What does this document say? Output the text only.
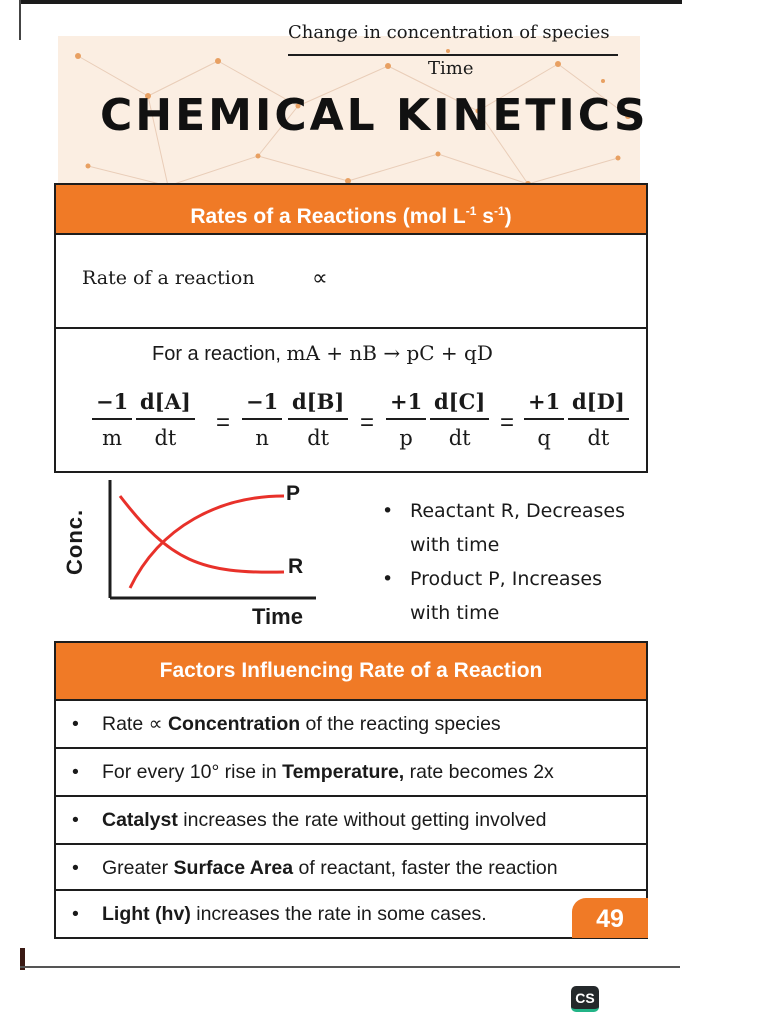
CHEMICAL KINETICS
Rates of a Reactions (mol $L^{-1}$ $s^{-1}$)
Rate of a reaction	∝
Change in concentration of species
Time
For a reaction, mA + nB → pC + qD
$\frac{-1}{m} \frac{d[A]}{dt} = \frac{-1}{n} \frac{d[B]}{dt} = \frac{+1}{p} \frac{d[C]}{dt} = \frac{+1}{q} \frac{d[D]}{dt}$
Conc.
Time
P
R
• Reactant R, Decreases with time
• Product P, Increases with time
Factors Influencing Rate of a Reaction
• Rate ∝ Concentration of the reacting species
• For every 10° rise in Temperature, rate becomes 2x
• Catalyst increases the rate without getting involved
• Greater Surface Area of reactant, faster the reaction
• Light (hv) increases the rate in some cases.	49
CS
